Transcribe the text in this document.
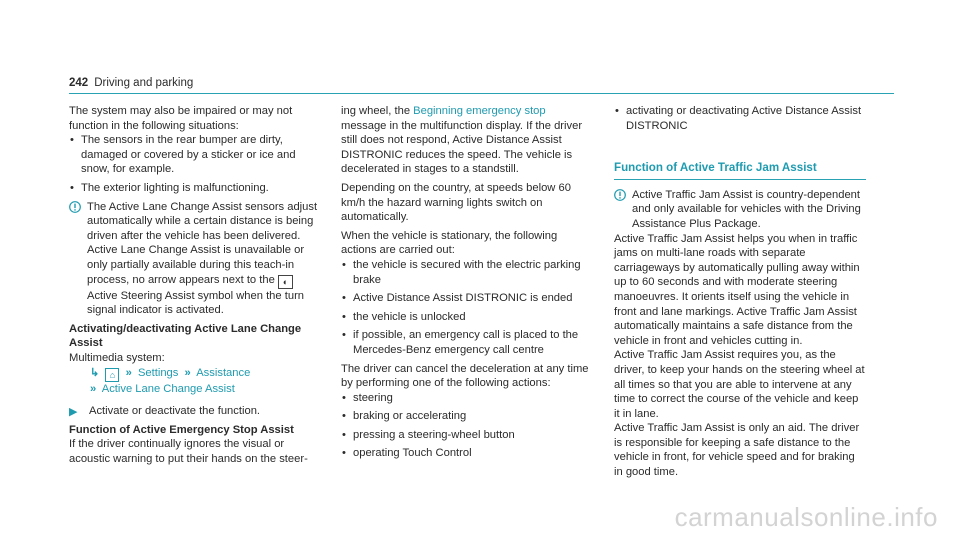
242 Driving and parking

The system may also be impaired or may not function in the following situations:

• The sensors in the rear bumper are dirty, damaged or covered by a sticker or ice and snow, for example.
• The exterior lighting is malfunctioning.
The Active Lane Change Assist sensors adjust automatically while a certain distance is being driven after the vehicle has been delivered. Active Lane Change Assist is unavailable or only partially available during this teach-in process, no arrow appears next to the ◐ Active Steering Assist symbol when the turn signal indicator is activated.

Activating/deactivating Active Lane Change Assist

Multimedia system:

↳ ⌂ » Settings » Assistance
» Active Lane Change Assist
▶ Activate or deactivate the function.

Function of Active Emergency Stop Assist

If the driver continually ignores the visual or acoustic warning to put their hands on the steer-

ing wheel, the Beginning emergency stop message in the multifunction display. If the driver still does not respond, Active Distance Assist DISTRONIC reduces the speed. The vehicle is decelerated in stages to a standstill.

Depending on the country, at speeds below 60 km/h the hazard warning lights switch on automatically.

When the vehicle is stationary, the following actions are carried out:

• the vehicle is secured with the electric parking brake
• Active Distance Assist DISTRONIC is ended
• the vehicle is unlocked
• if possible, an emergency call is placed to the Mercedes-Benz emergency call centre

The driver can cancel the deceleration at any time by performing one of the following actions:

• steering
• braking or accelerating
• pressing a steering-wheel button
• operating Touch Control
• activating or deactivating Active Distance Assist DISTRONIC
Function of Active Traffic Jam Assist
Active Traffic Jam Assist is country-dependent and only available for vehicles with the Driving Assistance Plus Package.

Active Traffic Jam Assist helps you when in traffic jams on multi-lane roads with separate carriageways by automatically pulling away within up to 60 seconds and with moderate steering manoeuvres. It orients itself using the vehicle in front and lane markings. Active Traffic Jam Assist automatically maintains a safe distance from the vehicle in front and vehicles cutting in.

Active Traffic Jam Assist requires you, as the driver, to keep your hands on the steering wheel at all times so that you are able to intervene at any time to correct the course of the vehicle and keep it in lane.

Active Traffic Jam Assist is only an aid. The driver is responsible for keeping a safe distance to the vehicle in front, for vehicle speed and for braking in good time.

carmanualsonline.info
